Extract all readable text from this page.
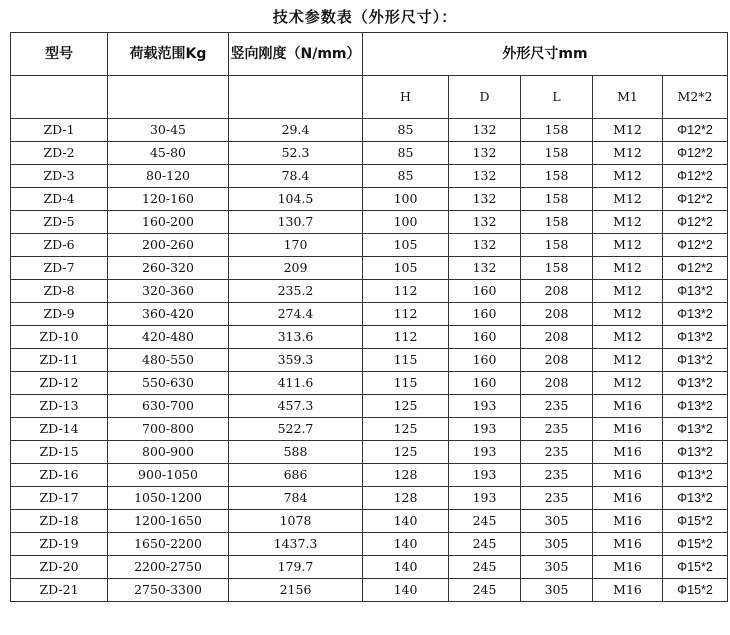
技术参数表（外形尺寸）：
型号	荷载范围Kg	竖向刚度（N/mm）	外形尺寸mm				
			H	D	L	M1	M2*2
ZD-1	30-45	29.4	85	132	158	M12	Φ12*2
ZD-2	45-80	52.3	85	132	158	M12	Φ12*2
ZD-3	80-120	78.4	85	132	158	M12	Φ12*2
ZD-4	120-160	104.5	100	132	158	M12	Φ12*2
ZD-5	160-200	130.7	100	132	158	M12	Φ12*2
ZD-6	200-260	170	105	132	158	M12	Φ12*2
ZD-7	260-320	209	105	132	158	M12	Φ12*2
ZD-8	320-360	235.2	112	160	208	M12	Φ13*2
ZD-9	360-420	274.4	112	160	208	M12	Φ13*2
ZD-10	420-480	313.6	112	160	208	M12	Φ13*2
ZD-11	480-550	359.3	115	160	208	M12	Φ13*2
ZD-12	550-630	411.6	115	160	208	M12	Φ13*2
ZD-13	630-700	457.3	125	193	235	M16	Φ13*2
ZD-14	700-800	522.7	125	193	235	M16	Φ13*2
ZD-15	800-900	588	125	193	235	M16	Φ13*2
ZD-16	900-1050	686	128	193	235	M16	Φ13*2
ZD-17	1050-1200	784	128	193	235	M16	Φ13*2
ZD-18	1200-1650	1078	140	245	305	M16	Φ15*2
ZD-19	1650-2200	1437.3	140	245	305	M16	Φ15*2
ZD-20	2200-2750	179.7	140	245	305	M16	Φ15*2
ZD-21	2750-3300	2156	140	245	305	M16	Φ15*2
